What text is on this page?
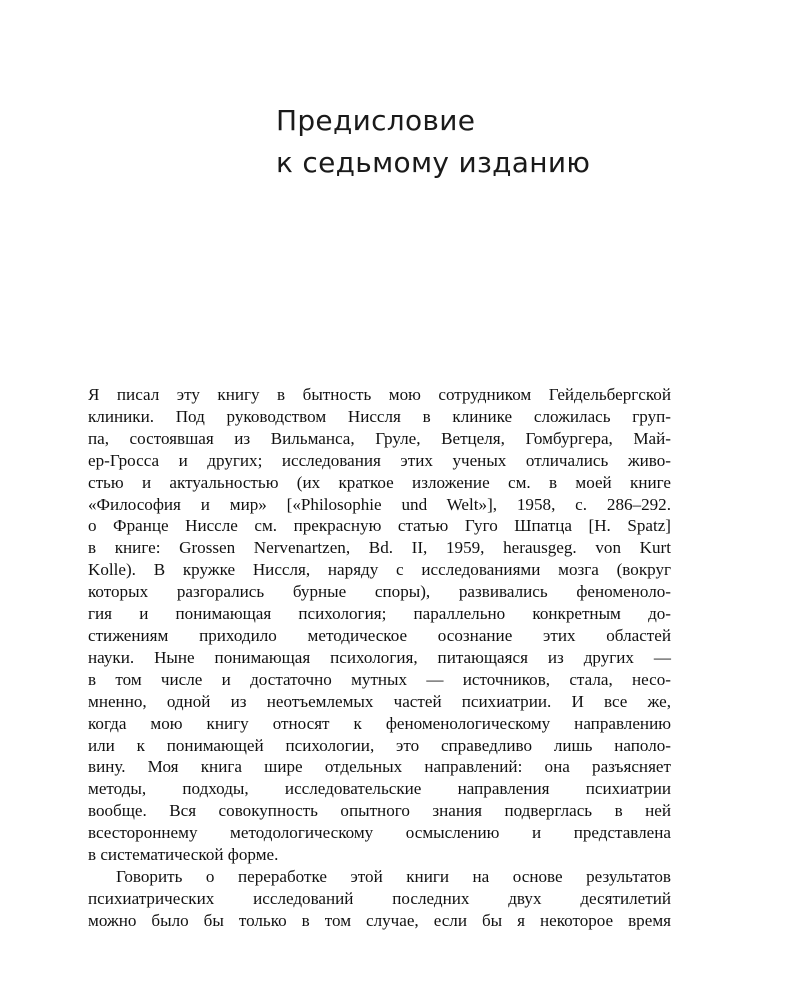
Предисловие
к седьмому изданию
Я писал эту книгу в бытность мою сотрудником Гейдельбергской
клиники. Под руководством Ниссля в клинике сложилась груп-
па, состоявшая из Вильманса, Груле, Ветцеля, Гомбургера, Май-
ер-Гросса и других; исследования этих ученых отличались живо-
стью и актуальностью (их краткое изложение см. в моей книге
«Философия и мир» [«Philosophie und Welt»], 1958, с. 286–292.
о Франце Ниссле см. прекрасную статью Гуго Шпатца [H. Spatz]
в книге: Grossen Nervenartzen, Bd. II, 1959, herausgeg. von Kurt
Kolle). В кружке Ниссля, наряду с исследованиями мозга (вокруг
которых разгорались бурные споры), развивались феноменоло-
гия и понимающая психология; параллельно конкретным до-
стижениям приходило методическое осознание этих областей
науки. Ныне понимающая психология, питающаяся из других —
в том числе и достаточно мутных — источников, стала, несо-
мненно, одной из неотъемлемых частей психиатрии. И все же,
когда мою книгу относят к феноменологическому направлению
или к понимающей психологии, это справедливо лишь наполо-
вину. Моя книга шире отдельных направлений: она разъясняет
методы, подходы, исследовательские направления психиатрии
вообще. Вся совокупность опытного знания подверглась в ней
всестороннему методологическому осмыслению и представлена
в систематической форме.
Говорить о переработке этой книги на основе результатов
психиатрических исследований последних двух десятилетий
можно было бы только в том случае, если бы я некоторое время
